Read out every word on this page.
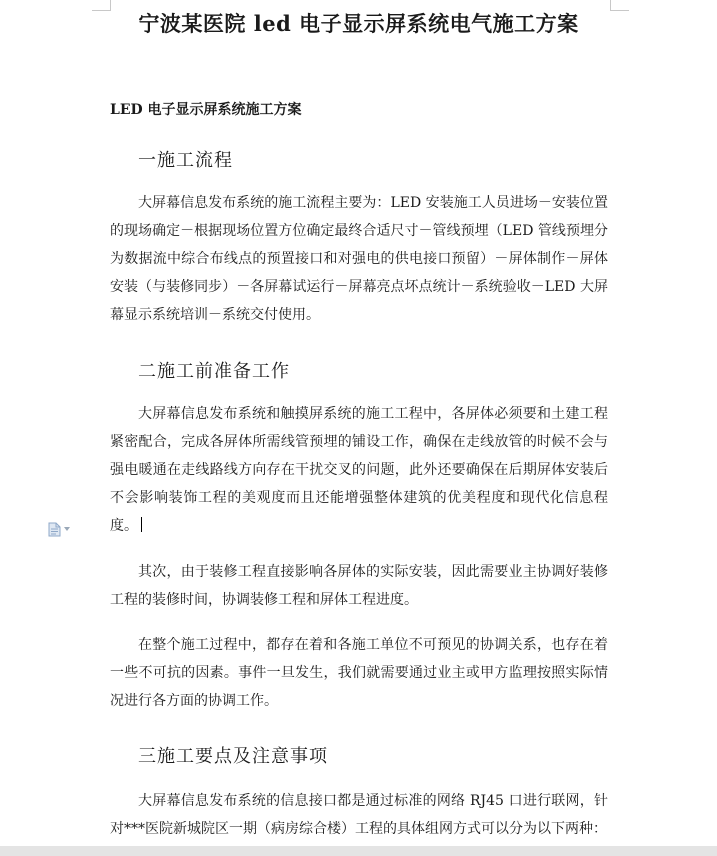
宁波某医院 led 电子显示屏系统电气施工方案
LED 电子显示屏系统施工方案
一施工流程

大屏幕信息发布系统的施工流程主要为：LED 安装施工人员进场－安装位置的现场确定－根据现场位置方位确定最终合适尺寸－管线预埋（LED 管线预埋分为数据流中综合布线点的预置接口和对强电的供电接口预留）－屏体制作－屏体安装（与装修同步）－各屏幕试运行－屏幕亮点坏点统计－系统验收－LED 大屏幕显示系统培训－系统交付使用。

二施工前准备工作

大屏幕信息发布系统和触摸屏系统的施工工程中，各屏体必须要和土建工程紧密配合，完成各屏体所需线管预埋的铺设工作，确保在走线放管的时候不会与强电暖通在走线路线方向存在干扰交叉的问题，此外还要确保在后期屏体安装后不会影响装饰工程的美观度而且还能增强整体建筑的优美程度和现代化信息程度。

其次，由于装修工程直接影响各屏体的实际安装，因此需要业主协调好装修工程的装修时间，协调装修工程和屏体工程进度。

在整个施工过程中，都存在着和各施工单位不可预见的协调关系，也存在着一些不可抗的因素。事件一旦发生，我们就需要通过业主或甲方监理按照实际情况进行各方面的协调工作。

三施工要点及注意事项

大屏幕信息发布系统的信息接口都是通过标准的网络 RJ45 口进行联网，针对***医院新城院区一期（病房综合楼）工程的具体组网方式可以分为以下两种：
